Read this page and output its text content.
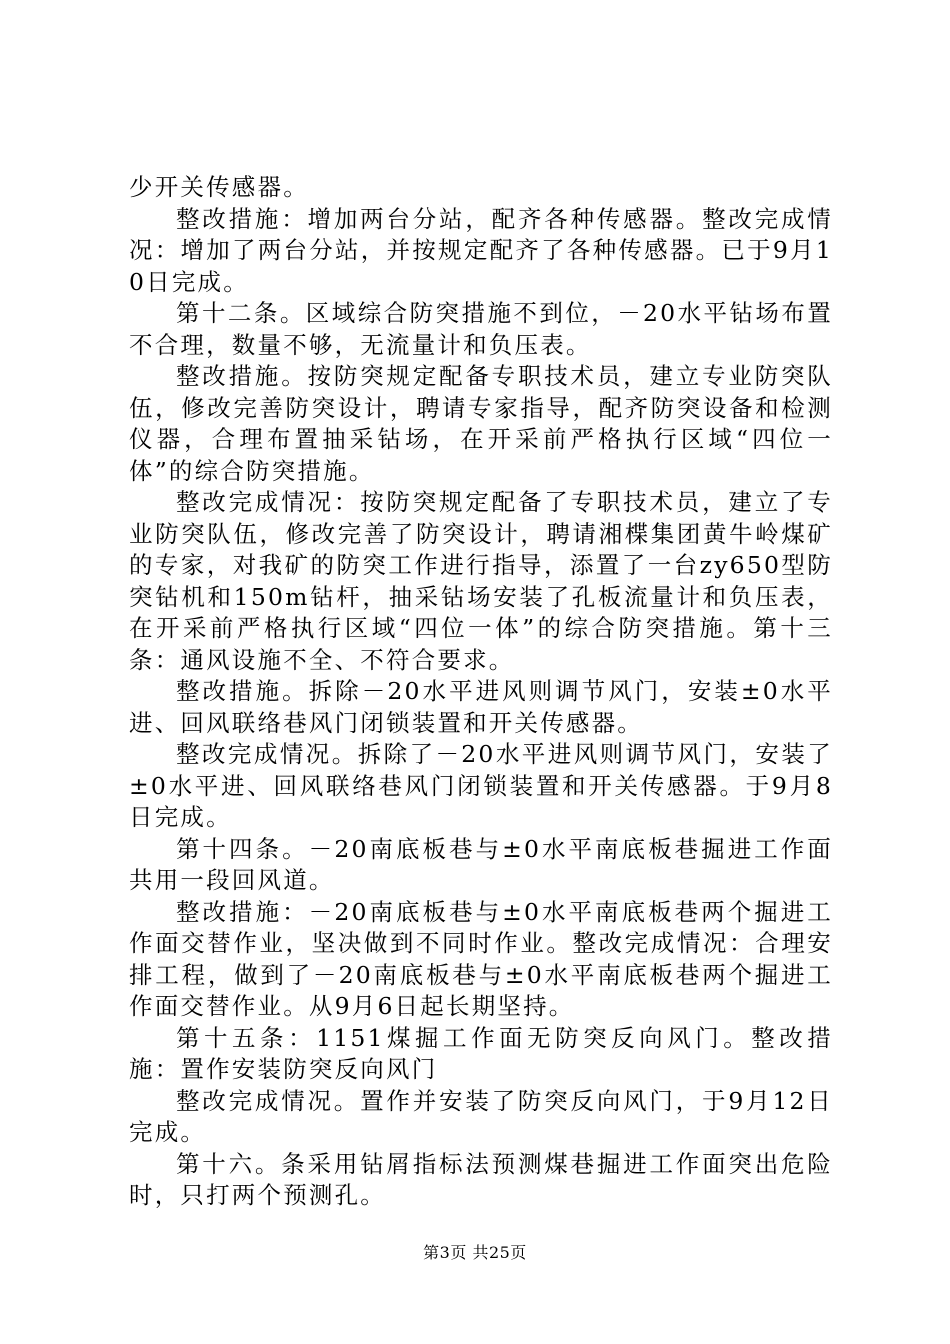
少开关传感器。

整改措施：增加两台分站，配齐各种传感器。整改完成情况：增加了两台分站，并按规定配齐了各种传感器。已于9月10日完成。

第十二条。区域综合防突措施不到位，－20水平钻场布置不合理，数量不够，无流量计和负压表。

整改措施。按防突规定配备专职技术员，建立专业防突队伍，修改完善防突设计，聘请专家指导，配齐防突设备和检测仪器，合理布置抽采钻场，在开采前严格执行区域“四位一体”的综合防突措施。

整改完成情况：按防突规定配备了专职技术员，建立了专业防突队伍，修改完善了防突设计，聘请湘楪集团黄牛岭煤矿的专家，对我矿的防突工作进行指导，添置了一台zy650型防突钻机和150m钻杆，抽采钻场安装了孔板流量计和负压表，在开采前严格执行区域“四位一体”的综合防突措施。第十三条：通风设施不全、不符合要求。

整改措施。拆除－20水平进风则调节风门，安装±0水平进、回风联络巷风门闭锁装置和开关传感器。

整改完成情况。拆除了－20水平进风则调节风门，安装了±0水平进、回风联络巷风门闭锁装置和开关传感器。于9月8日完成。

第十四条。－20南底板巷与±0水平南底板巷掘进工作面共用一段回风道。

整改措施：－20南底板巷与±0水平南底板巷两个掘进工作面交替作业，坚决做到不同时作业。整改完成情况：合理安排工程，做到了－20南底板巷与±0水平南底板巷两个掘进工作面交替作业。从9月6日起长期坚持。

第十五条：1151煤掘工作面无防突反向风门。整改措施：置作安装防突反向风门

整改完成情况。置作并安装了防突反向风门，于9月12日完成。

第十六。条采用钻屑指标法预测煤巷掘进工作面突出危险时，只打两个预测孔。

第3页 共25页
